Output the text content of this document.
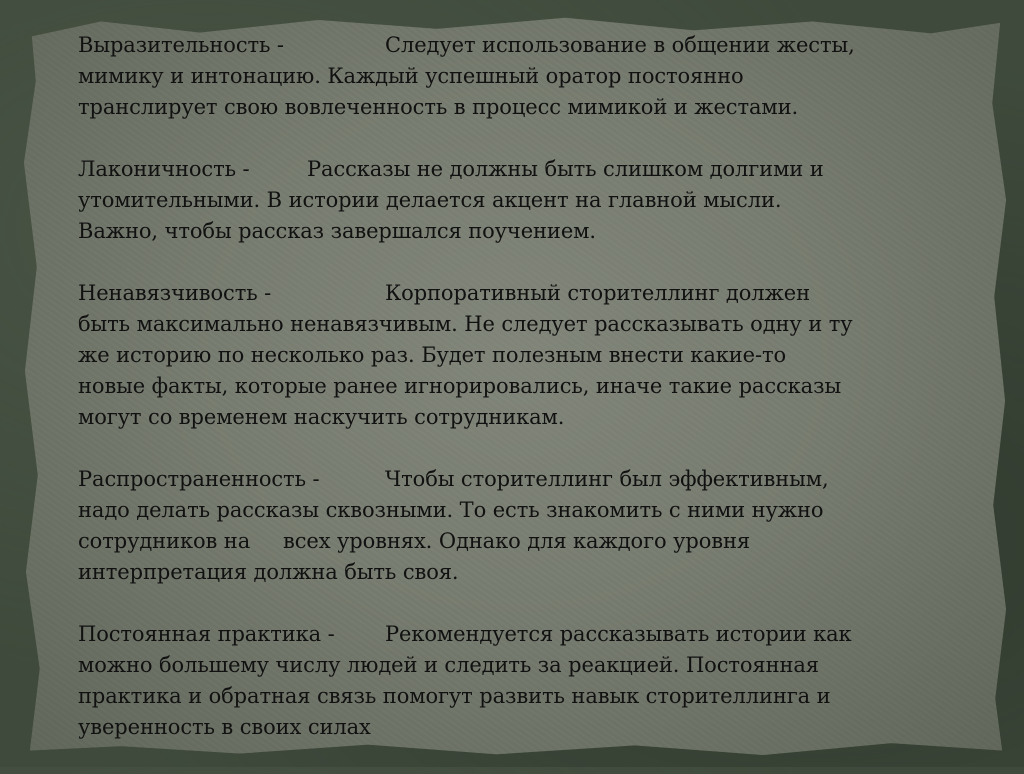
Выразительность -	Следует использование в общении жесты,
мимику и интонацию. Каждый успешный оратор постоянно
транслирует свою вовлеченность в процесс мимикой и жестами.
Лаконичность -	Рассказы не должны быть слишком долгими и
утомительными. В истории делается акцент на главной мысли.
Важно, чтобы рассказ завершался поучением.
Ненавязчивость -	Корпоративный сторителлинг должен
быть максимально ненавязчивым. Не следует рассказывать одну и ту
же историю по несколько раз. Будет полезным внести какие-то
новые факты, которые ранее игнорировались, иначе такие рассказы
могут со временем наскучить сотрудникам.
Распространенность -	Чтобы сторителлинг был эффективным,
надо делать рассказы сквозными. То есть знакомить с ними нужно
сотрудников на     всех уровнях. Однако для каждого уровня
интерпретация должна быть своя.
Постоянная практика - Рекомендуется рассказывать истории как
можно большему числу людей и следить за реакцией. Постоянная
практика и обратная связь помогут развить навык сторителлинга и
уверенность в своих силах
